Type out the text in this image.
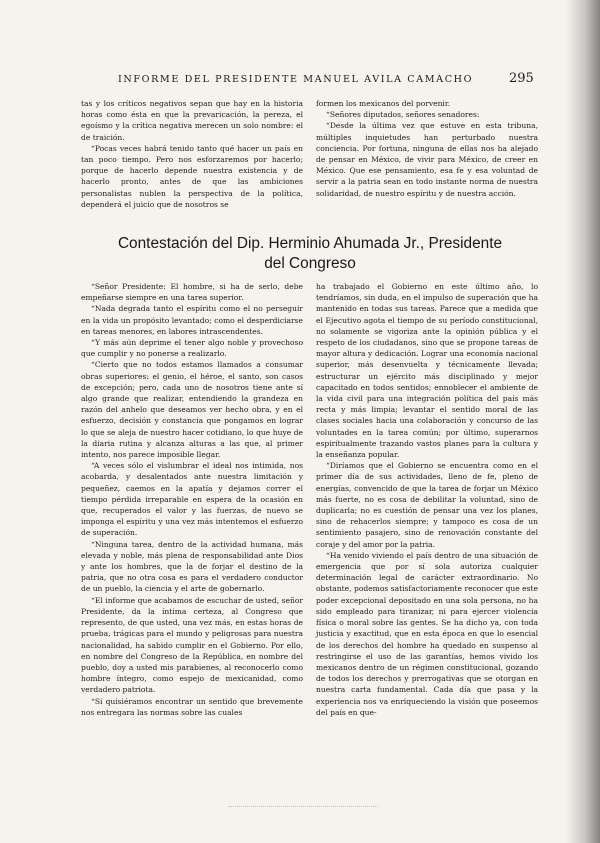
INFORME DEL PRESIDENTE MANUEL AVILA CAMACHO	295

tas y los críticos negativos sepan que hay en la historia horas como ésta en que la prevaricación, la pereza, el egoísmo y la crítica negativa merecen un solo nombre: el de traición.

“Pocas veces habrá tenido tanto qué hacer un país en tan poco tiempo. Pero nos esforzaremos por hacerlo; porque de hacerlo depende nuestra existencia y de hacerlo pronto, antes de que las ambiciones personalistas nublen la perspectiva de la política, dependerá el juicio que de nosotros se

formen los mexicanos del porvenir.

“Señores diputados, señores senadores:

“Desde la última vez que estuve en esta tribuna, múltiples inquietudes han perturbado nuestra conciencia. Por fortuna, ninguna de ellas nos ha alejado de pensar en México, de vivir para México, de creer en México. Que ese pensamiento, esa fe y esa voluntad de servir a la patria sean en todo instante norma de nuestra solidaridad, de nuestro espíritu y de nuestra acción.

Contestación del Dip. Herminio Ahumada Jr., Presidente del Congreso

“Señor Presidente: El hombre, si ha de serlo, debe empeñarse siempre en una tarea superior.

“Nada degrada tanto el espíritu como el no perseguir en la vida un propósito levantado; como el desperdiciarse en tareas menores, en labores intrascendentes.

“Y más aún deprime el tener algo noble y provechoso que cumplir y no ponerse a realizarlo.

“Cierto que no todos estamos llamados a consumar obras superiores: el genio, el héroe, el santo, son casos de excepción; pero, cada uno de nosotros tiene ante sí algo grande que realizar, entendiendo la grandeza en razón del anhelo que deseamos ver hecho obra, y en el esfuerzo, decisión y constancia que pongamos en lograr lo que se aleja de nuestro hacer cotidiano, lo que huye de la diaria rutina y alcanza alturas a las que, al primer intento, nos parece imposible llegar.

“A veces sólo el vislumbrar el ideal nos intimida, nos acobarda, y desalentados ante nuestra limitación y pequeñez, caemos en la apatía y dejamos correr el tiempo pérdida irreparable en espera de la ocasión en que, recuperados el valor y las fuerzas, de nuevo se imponga el espíritu y una vez más intentemos el esfuerzo de superación.

“Ninguna tarea, dentro de la actividad humana, más elevada y noble, más plena de responsabilidad ante Dios y ante los hombres, que la de forjar el destino de la patria, que no otra cosa es para el verdadero conductor de un pueblo, la ciencia y el arte de gobernarlo.

“El informe que acabamos de escuchar de usted, señor Presidente, da la íntima certeza, al Congreso que represento, de que usted, una vez más, en estas horas de prueba, trágicas para el mundo y peligrosas para nuestra nacionalidad, ha sabido cumplir en el Gobierno. Por ello, en nombre del Congreso de la República, en nombre del pueblo, doy a usted mis parabienes, al reconocerlo como hombre íntegro, como espejo de mexicanidad, como verdadero patriota.

“Si quisiéramos encontrar un sentido que brevemente nos entregara las normas sobre las cuales

ha trabajado el Gobierno en este último año, lo tendríamos, sin duda, en el impulso de superación que ha mantenido en todas sus tareas. Parece que a medida que el Ejecutivo agota el tiempo de su período constitucional, no solamente se vigoriza ante la opinión pública y el respeto de los ciudadanos, sino que se propone tareas de mayor altura y dedicación. Lograr una economía nacional superior, más desenvuelta y técnicamente llevada; estructurar un ejército más disciplinado y mejor capacitado en todos sentidos; ennoblecer el ambiente de la vida civil para una integración política del país más recta y más limpia; levantar el sentido moral de las clases sociales hacia una colaboración y concurso de las voluntades en la tarea común; por último, superarnos espiritualmente trazando vastos planes para la cultura y la enseñanza popular.

“Diríamos que el Gobierno se encuentra como en el primer día de sus actividades, lleno de fe, pleno de energías, convencido de que la tarea de forjar un México más fuerte, no es cosa de debilitar la voluntad, sino de duplicarla; no es cuestión de pensar una vez los planes, sino de rehacerlos siempre; y tampoco es cosa de un sentimiento pasajero, sino de renovación constante del coraje y del amor por la patria.

“Ha venido viviendo el país dentro de una situación de emergencia que por sí sola autoriza cualquier determinación legal de carácter extraordinario. No obstante, podemos satisfactoriamente reconocer que este poder excepcional depositado en una sola persona, no ha sido empleado para tiranizar, ni para ejercer violencia física o moral sobre las gentes. Se ha dicho ya, con toda justicia y exactitud, que en esta época en que lo esencial de los derechos del hombre ha quedado en suspenso al restringirse el uso de las garantías, hemos vivido los mexicanos dentro de un régimen constitucional, gozando de todos los derechos y prerrogativas que se otorgan en nuestra carta fundamental. Cada día que pasa y la experiencia nos va enriqueciendo la visión que poseemos del país en que-
